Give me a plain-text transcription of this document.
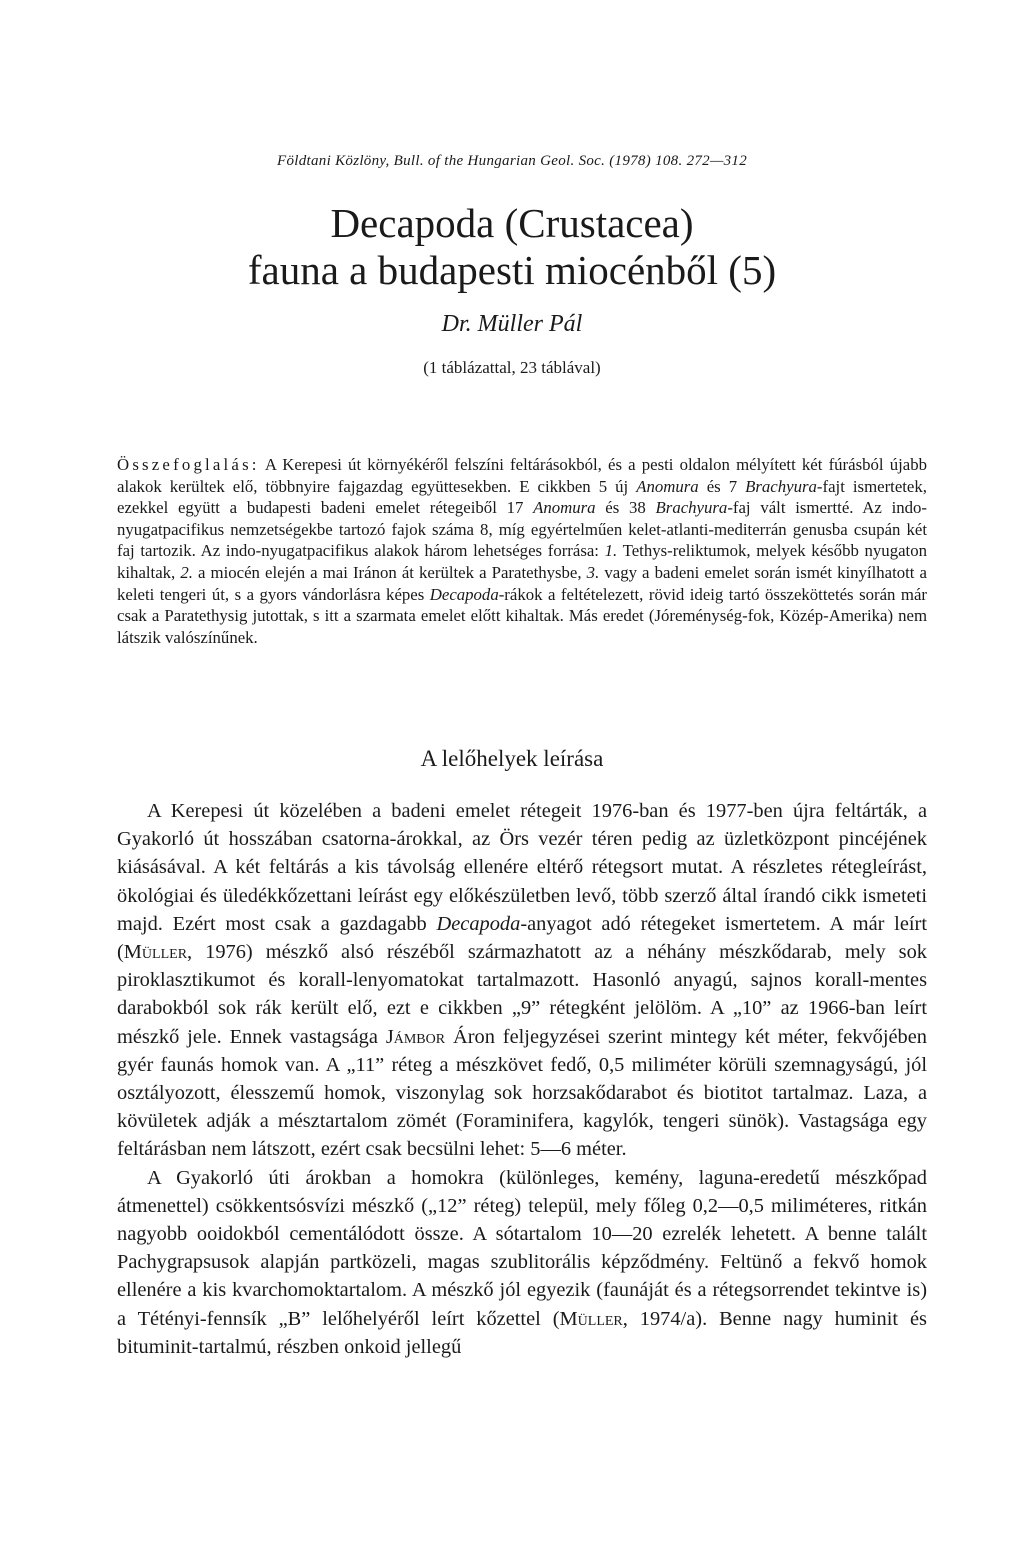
Földtani Közlöny, Bull. of the Hungarian Geol. Soc. (1978) 108. 272—312
Decapoda (Crustacea)
fauna a budapesti miocénből (5)
Dr. Müller Pál
(1 táblázattal, 23 táblával)
Összefoglalás: A Kerepesi út környékéről felszíni feltárásokból, és a pesti oldalon mélyített két fúrásból újabb alakok kerültek elő, többnyire fajgazdag együttesekben. E cikkben 5 új Anomura és 7 Brachyura-fajt ismertetek, ezekkel együtt a budapesti badeni emelet rétegeiből 17 Anomura és 38 Brachyura-faj vált ismertté. Az indo-nyugatpacifikus nemzetségekbe tartozó fajok száma 8, míg egyértelműen kelet-atlanti-mediterrán genusba csupán két faj tartozik. Az indo-nyugatpacifikus alakok három lehetséges forrása: 1. Tethys-reliktumok, melyek később nyugaton kihaltak, 2. a miocén elején a mai Iránon át kerültek a Paratethysbe, 3. vagy a badeni emelet során ismét kinyílhatott a keleti tengeri út, s a gyors vándorlásra képes Decapoda-rákok a feltételezett, rövid ideig tartó összeköttetés során már csak a Paratethysig jutottak, s itt a szarmata emelet előtt kihaltak. Más eredet (Jóreménység-fok, Közép-Amerika) nem látszik valószínűnek.
A lelőhelyek leírása

A Kerepesi út közelében a badeni emelet rétegeit 1976-ban és 1977-ben újra feltárták, a Gyakorló út hosszában csatorna-árokkal, az Örs vezér téren pedig az üzletközpont pincéjének kiásásával. A két feltárás a kis távolság ellenére eltérő rétegsort mutat. A részletes rétegleírást, ökológiai és üledékkőzettani leírást egy előkészületben levő, több szerző által írandó cikk ismeteti majd. Ezért most csak a gazdagabb Decapoda-anyagot adó rétegeket ismertetem. A már leírt (Müller, 1976) mészkő alsó részéből származhatott az a néhány mészkődarab, mely sok piroklasztikumot és korall-lenyomatokat tartalmazott. Hasonló anyagú, sajnos korall-mentes darabokból sok rák került elő, ezt e cikkben „9” rétegként jelölöm. A „10” az 1966-ban leírt mészkő jele. Ennek vastagsága Jámbor Áron feljegyzései szerint mintegy két méter, fekvőjében gyér faunás homok van. A „11” réteg a mészkövet fedő, 0,5 miliméter körüli szemnagyságú, jól osztályozott, élesszemű homok, viszonylag sok horzsakődarabot és biotitot tartalmaz. Laza, a kövületek adják a mésztartalom zömét (Foraminifera, kagylók, tengeri sünök). Vastagsága egy feltárásban nem látszott, ezért csak becsülni lehet: 5—6 méter.

A Gyakorló úti árokban a homokra (különleges, kemény, laguna-eredetű mészkőpad átmenettel) csökkentsósvízi mészkő („12” réteg) települ, mely főleg 0,2—0,5 miliméteres, ritkán nagyobb ooidokból cementálódott össze. A sótartalom 10—20 ezrelék lehetett. A benne talált Pachygrapsusok alapján partközeli, magas szublitorális képződmény. Feltünő a fekvő homok ellenére a kis kvarchomoktartalom. A mészkő jól egyezik (faunáját és a rétegsorrendet tekintve is) a Tétényi-fennsík „B” lelőhelyéről leírt kőzettel (Müller, 1974/a). Benne nagy huminit és bituminit-tartalmú, részben onkoid jellegű
